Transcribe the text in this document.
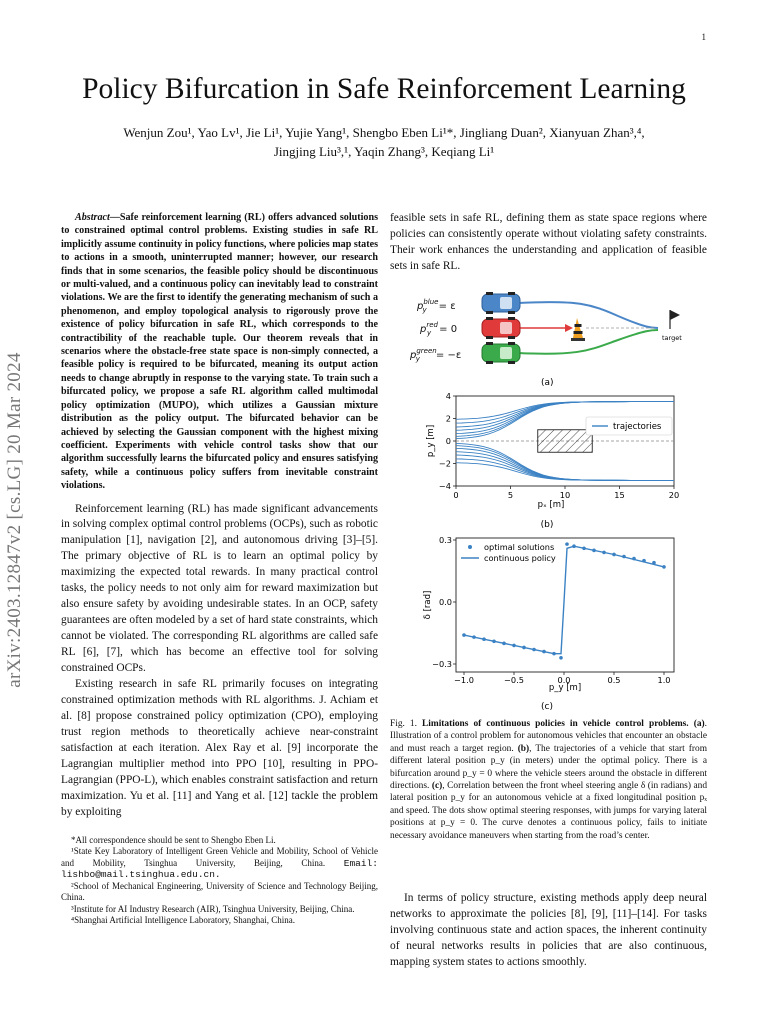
1
arXiv:2403.12847v2 [cs.LG] 20 Mar 2024
Policy Bifurcation in Safe Reinforcement Learning
Wenjun Zou¹, Yao Lv¹, Jie Li¹, Yujie Yang¹, Shengbo Eben Li¹*, Jingliang Duan², Xianyuan Zhan³,⁴,
Jingjing Liu³,¹, Yaqin Zhang³, Keqiang Li¹
Abstract—Safe reinforcement learning (RL) offers advanced solutions to constrained optimal control problems. Existing studies in safe RL implicitly assume continuity in policy functions, where policies map states to actions in a smooth, uninterrupted manner; however, our research finds that in some scenarios, the feasible policy should be discontinuous or multi-valued, and a continuous policy can inevitably lead to constraint violations. We are the first to identify the generating mechanism of such a phenomenon, and employ topological analysis to rigorously prove the existence of policy bifurcation in safe RL, which corresponds to the contractibility of the reachable tuple. Our theorem reveals that in scenarios where the obstacle-free state space is non-simply connected, a feasible policy is required to be bifurcated, meaning its output action needs to change abruptly in response to the varying state. To train such a bifurcated policy, we propose a safe RL algorithm called multimodal policy optimization (MUPO), which utilizes a Gaussian mixture distribution as the policy output. The bifurcated behavior can be achieved by selecting the Gaussian component with the highest mixing coefficient. Experiments with vehicle control tasks show that our algorithm successfully learns the bifurcated policy and ensures satisfying safety, while a continuous policy suffers from inevitable constraint violations.

Reinforcement learning (RL) has made significant advancements in solving complex optimal control problems (OCPs), such as robotic manipulation [1], navigation [2], and autonomous driving [3]–[5]. The primary objective of RL is to learn an optimal policy by maximizing the expected total rewards. In many practical control tasks, the policy needs to not only aim for reward maximization but also ensure safety by avoiding undesirable states. In an OCP, safety guarantees are often modeled by a set of hard state constraints, which cannot be violated. The corresponding RL algorithms are called safe RL [6], [7], which has become an effective tool for solving constrained OCPs.

Existing research in safe RL primarily focuses on integrating constrained optimization methods with RL algorithms. J. Achiam et al. [8] propose constrained policy optimization (CPO), employing trust region methods to theoretically achieve near-constraint satisfaction at each iteration. Alex Ray et al. [9] incorporate the Lagrangian multiplier method into PPO [10], resulting in PPO-Lagrangian (PPO-L), which enables constraint satisfaction and return maximization. Yu et al. [11] and Yang et al. [12] tackle the problem by exploiting

*All correspondence should be sent to Shengbo Eben Li.
¹State Key Laboratory of Intelligent Green Vehicle and Mobility, School of Vehicle and Mobility, Tsinghua University, Beijing, China. Email: lishbo@mail.tsinghua.edu.cn.
²School of Mechanical Engineering, University of Science and Technology Beijing, China.
³Institute for AI Industry Research (AIR), Tsinghua University, Beijing, China.
⁴Shanghai Artificial Intelligence Laboratory, Shanghai, China.
feasible sets in safe RL, defining them as state space regions where policies can consistently operate without violating safety constraints. Their work enhances the understanding and application of feasible sets in safe RL.
$p^{blue}$ y = ε
$p^{red}$ y = 0
$p^{green}$ y = −ε
target
(a)
0	5	10	15	20
−4
−2
0
2
4
trajectories
pₓ [m]
p_y [m]
(b)
−1.0	−0.5	0.0	0.5	1.0
−0.3
0.0
0.3
optimal solutions
continuous policy
p_y [m]
δ [rad]
(c)
Fig. 1. Limitations of continuous policies in vehicle control problems. (a). Illustration of a control problem for autonomous vehicles that encounter an obstacle and must reach a target region. (b), The trajectories of a vehicle that start from different lateral position p_y (in meters) under the optimal policy. There is a bifurcation around p_y = 0 where the vehicle steers around the obstacle in different directions. (c), Correlation between the front wheel steering angle δ (in radians) and lateral position p_y for an autonomous vehicle at a fixed longitudinal position pₓ and speed. The dots show optimal steering responses, with jumps for varying lateral positions at p_y = 0. The curve denotes a continuous policy, fails to initiate necessary avoidance maneuvers when starting from the road’s center.

In terms of policy structure, existing methods apply deep neural networks to approximate the policies [8], [9], [11]–[14]. For tasks involving continuous state and action spaces, the inherent continuity of neural networks results in policies that are also continuous, mapping system states to actions smoothly.
